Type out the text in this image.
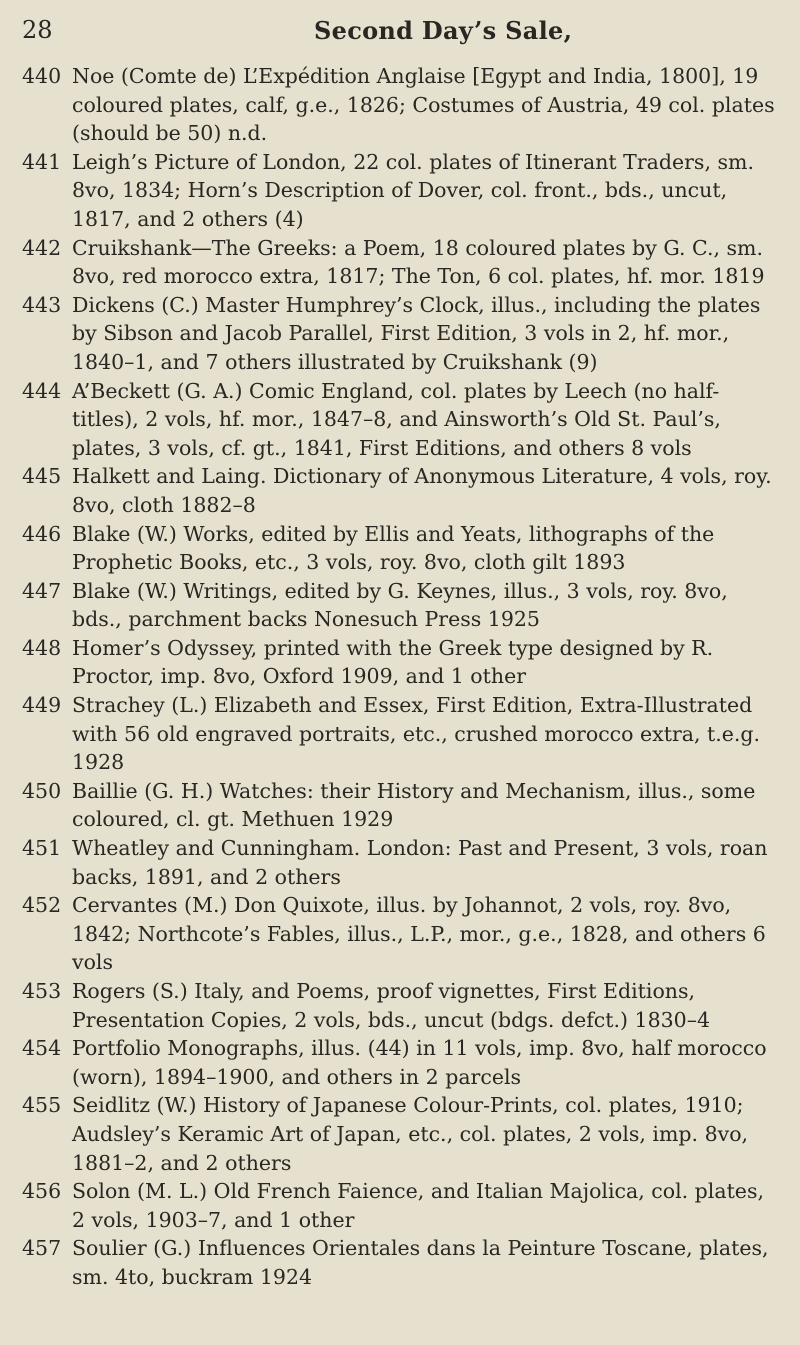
28	Second Day’s Sale,
440 Noe (Comte de) L’Expédition Anglaise [Egypt and India, 1800], 19 coloured plates, calf, g.e., 1826; Costumes of Austria, 49 col. plates (should be 50) n.d.
441 Leigh’s Picture of London, 22 col. plates of Itinerant Traders, sm. 8vo, 1834; Horn’s Description of Dover, col. front., bds., uncut, 1817, and 2 others (4)
442 Cruikshank—The Greeks: a Poem, 18 coloured plates by G. C., sm. 8vo, red morocco extra, 1817; The Ton, 6 col. plates, hf. mor. 1819
443 Dickens (C.) Master Humphrey’s Clock, illus., including the plates by Sibson and Jacob Parallel, First Edition, 3 vols in 2, hf. mor., 1840–1, and 7 others illustrated by Cruikshank (9)
444 A’Beckett (G. A.) Comic England, col. plates by Leech (no half-titles), 2 vols, hf. mor., 1847–8, and Ainsworth’s Old St. Paul’s, plates, 3 vols, cf. gt., 1841, First Editions, and others 8 vols
445 Halkett and Laing. Dictionary of Anonymous Literature, 4 vols, roy. 8vo, cloth 1882–8
446 Blake (W.) Works, edited by Ellis and Yeats, lithographs of the Prophetic Books, etc., 3 vols, roy. 8vo, cloth gilt 1893
447 Blake (W.) Writings, edited by G. Keynes, illus., 3 vols, roy. 8vo, bds., parchment backs Nonesuch Press 1925
448 Homer’s Odyssey, printed with the Greek type designed by R. Proctor, imp. 8vo, Oxford 1909, and 1 other
449 Strachey (L.) Elizabeth and Essex, First Edition, Extra-Illustrated with 56 old engraved portraits, etc., crushed morocco extra, t.e.g. 1928
450 Baillie (G. H.) Watches: their History and Mechanism, illus., some coloured, cl. gt. Methuen 1929
451 Wheatley and Cunningham. London: Past and Present, 3 vols, roan backs, 1891, and 2 others
452 Cervantes (M.) Don Quixote, illus. by Johannot, 2 vols, roy. 8vo, 1842; Northcote’s Fables, illus., L.P., mor., g.e., 1828, and others 6 vols
453 Rogers (S.) Italy, and Poems, proof vignettes, First Editions, Presentation Copies, 2 vols, bds., uncut (bdgs. defct.) 1830–4
454 Portfolio Monographs, illus. (44) in 11 vols, imp. 8vo, half morocco (worn), 1894–1900, and others in 2 parcels
455 Seidlitz (W.) History of Japanese Colour-Prints, col. plates, 1910; Audsley’s Keramic Art of Japan, etc., col. plates, 2 vols, imp. 8vo, 1881–2, and 2 others
456 Solon (M. L.) Old French Faience, and Italian Majolica, col. plates, 2 vols, 1903–7, and 1 other
457 Soulier (G.) Influences Orientales dans la Peinture Toscane, plates, sm. 4to, buckram 1924
